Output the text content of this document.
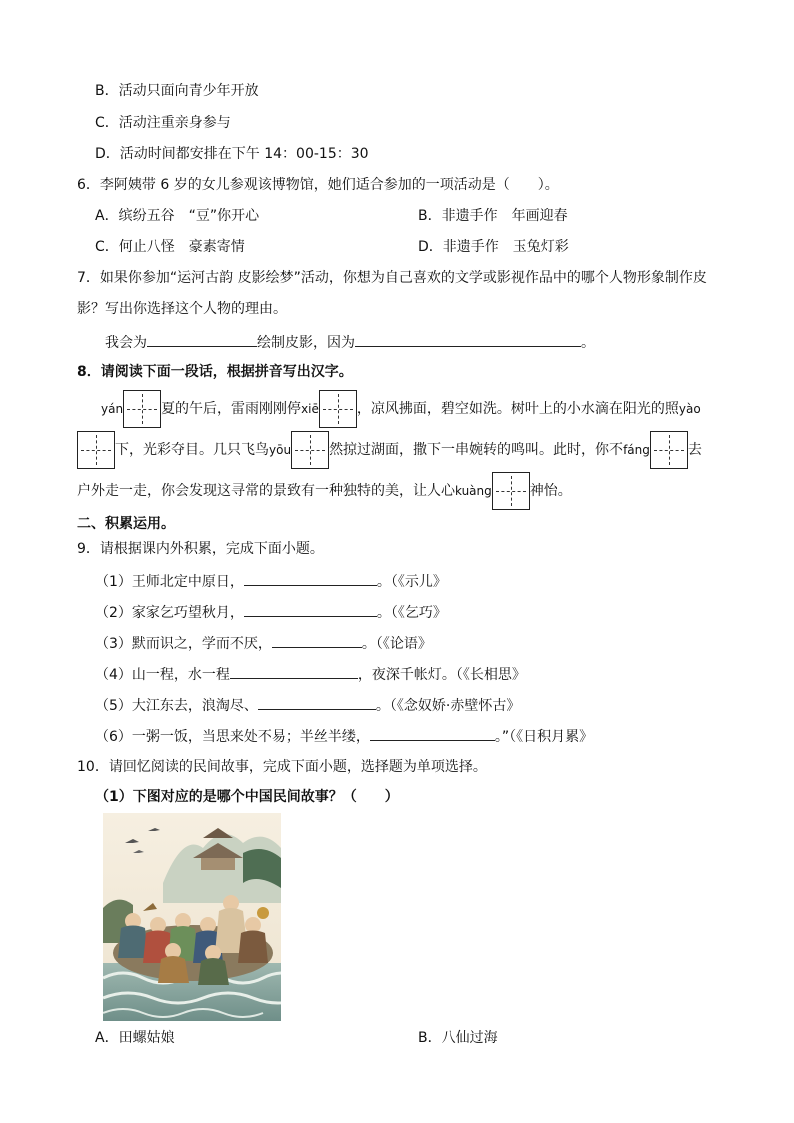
B．活动只面向青少年开放
C．活动注重亲身参与
D．活动时间都安排在下午 14：00-15：30
6．李阿姨带 6 岁的女儿参观该博物馆，她们适合参加的一项活动是（　　）。
A．缤纷五谷　“豆”你开心	B．非遗手作　年画迎春
C．何止八怪　豪素寄情	D．非遗手作　玉兔灯彩
7．如果你参加“运河古韵 皮影绘梦”活动，你想为自己喜欢的文学或影视作品中的哪个人物形象制作皮
影？写出你选择这个人物的理由。
我会为	绘制皮影，因为	。
8．请阅读下面一段话，根据拼音写出汉字。
yán	夏的午后，雷雨刚刚停xiē	，凉风拂面，碧空如洗。树叶上的小水滴在阳光的照yào
下，光彩夺目。几只飞鸟yōu	然掠过湖面，撒下一串婉转的鸣叫。此时，你不fáng	去
户外走一走，你会发现这寻常的景致有一种独特的美，让人心kuàng	神怡。
二、积累运用。
9．请根据课内外积累，完成下面小题。
（1）王师北定中原日，	。（《示儿》
（2）家家乞巧望秋月，	。（《乞巧》
（3）默而识之，学而不厌，	。（《论语》
（4）山一程，水一程	，夜深千帐灯。（《长相思》
（5）大江东去，浪淘尽、	。（《念奴娇·赤壁怀古》
（6）一粥一饭，当思来处不易；半丝半缕，	。”（《日积月累》
10．请回忆阅读的民间故事，完成下面小题，选择题为单项选择。
（1）下图对应的是哪个中国民间故事？（　　）
A．田螺姑娘	B．八仙过海
